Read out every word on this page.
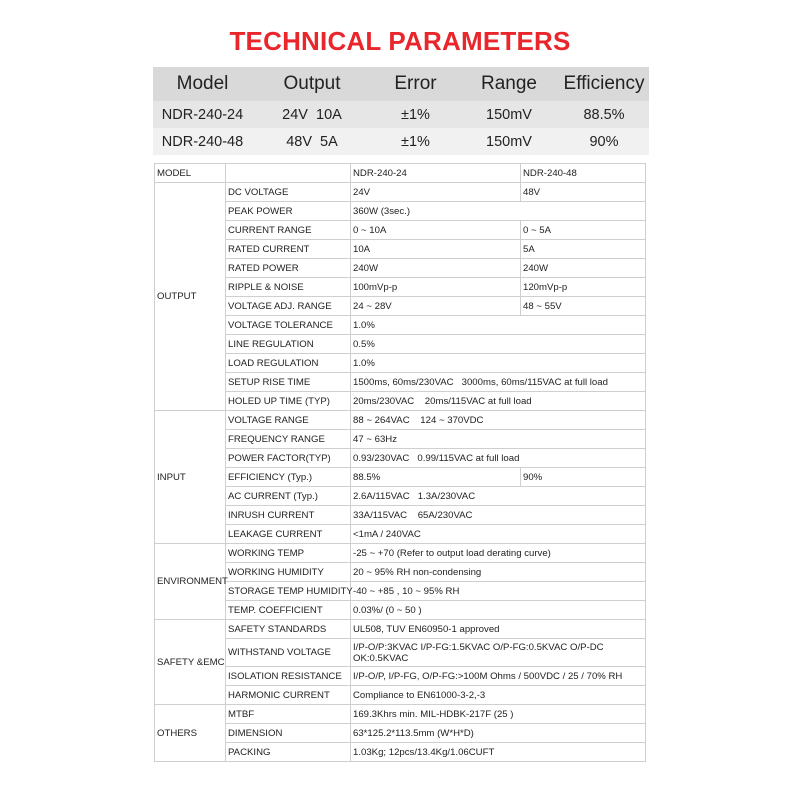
TECHNICAL PARAMETERS
Model	Output	Error	Range	Efficiency
NDR-240-24	24V  10A	±1%	150mV	88.5%
NDR-240-48	48V  5A	±1%	150mV	90%
MODEL		NDR-240-24	NDR-240-48
OUTPUT	DC VOLTAGE	24V	48V
	PEAK POWER	360W (3sec.)	
	CURRENT RANGE	0 ~ 10A	0 ~ 5A
	RATED CURRENT	10A	5A
	RATED POWER	240W	240W
	RIPPLE & NOISE	100mVp-p	120mVp-p
	VOLTAGE ADJ. RANGE	24 ~ 28V	48 ~ 55V
	VOLTAGE TOLERANCE	1.0%	
	LINE REGULATION	0.5%	
	LOAD REGULATION	1.0%	
	SETUP RISE TIME	1500ms, 60ms/230VAC   3000ms, 60ms/115VAC at full load	
	HOLED UP TIME (TYP)	20ms/230VAC    20ms/115VAC at full load	
INPUT	VOLTAGE RANGE	88 ~ 264VAC    124 ~ 370VDC	
	FREQUENCY RANGE	47 ~ 63Hz	
	POWER FACTOR(TYP)	0.93/230VAC   0.99/115VAC at full load	
	EFFICIENCY (Typ.)	88.5%	90%
	AC CURRENT (Typ.)	2.6A/115VAC   1.3A/230VAC	
	INRUSH CURRENT	33A/115VAC    65A/230VAC	
	LEAKAGE CURRENT	<1mA / 240VAC	
ENVIRONMENT	WORKING TEMP	-25 ~ +70 (Refer to output load derating curve)	
	WORKING HUMIDITY	20 ~ 95% RH non-condensing	
	STORAGE TEMP HUMIDITY	-40 ~ +85 , 10 ~ 95% RH	
	TEMP. COEFFICIENT	0.03%/ (0 ~ 50 )	
SAFETY &EMC	SAFETY STANDARDS	UL508, TUV EN60950-1 approved	
	WITHSTAND VOLTAGE	I/P-O/P:3KVAC I/P-FG:1.5KVAC O/P-FG:0.5KVAC O/P-DC OK:0.5KVAC	
	ISOLATION RESISTANCE	I/P-O/P, I/P-FG, O/P-FG:>100M Ohms / 500VDC / 25 / 70% RH	
	HARMONIC CURRENT	Compliance to EN61000-3-2,-3	
OTHERS	MTBF	169.3Khrs min. MIL-HDBK-217F (25 )	
	DIMENSION	63*125.2*113.5mm (W*H*D)	
	PACKING	1.03Kg; 12pcs/13.4Kg/1.06CUFT	
